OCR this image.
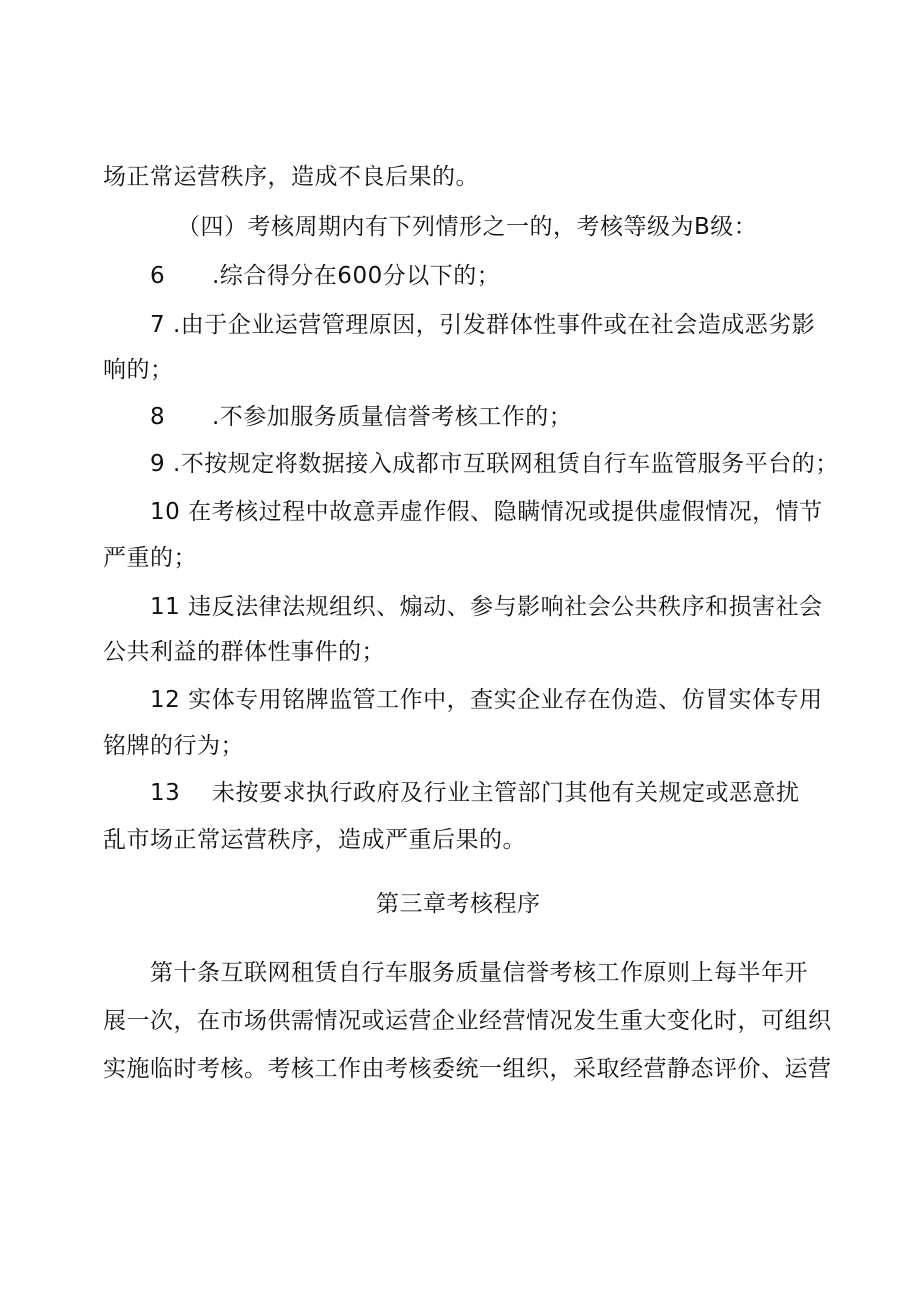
场正常运营秩序，造成不良后果的。
（四）考核周期内有下列情形之一的，考核等级为B级：
6 .综合得分在600分以下的；
7 .由于企业运营管理原因，引发群体性事件或在社会造成恶劣影
响的；
8 .不参加服务质量信誉考核工作的；
9 .不按规定将数据接入成都市互联网租赁自行车监管服务平台的；
10 在考核过程中故意弄虚作假、隐瞒情况或提供虚假情况，情节
严重的；
11 违反法律法规组织、煽动、参与影响社会公共秩序和损害社会
公共利益的群体性事件的；
12 实体专用铭牌监管工作中，查实企业存在伪造、仿冒实体专用
铭牌的行为；
13 未按要求执行政府及行业主管部门其他有关规定或恶意扰
乱市场正常运营秩序，造成严重后果的。
第三章考核程序
第十条互联网租赁自行车服务质量信誉考核工作原则上每半年开
展一次，在市场供需情况或运营企业经营情况发生重大变化时，可组织
实施临时考核。考核工作由考核委统一组织，采取经营静态评价、运营
